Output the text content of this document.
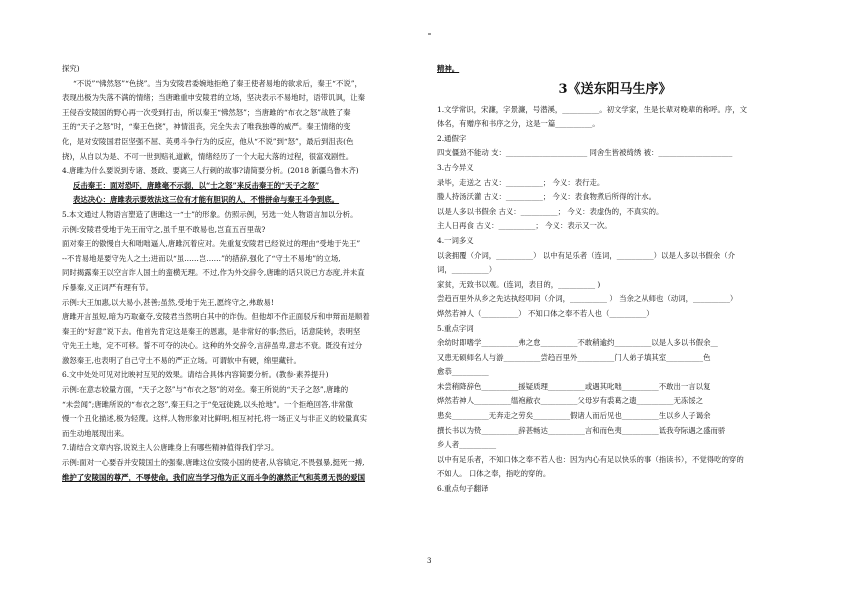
探究)

“不说”“怫然怒”“色挠”。当为安陵君委婉地拒绝了秦王使者易地的欲求后，秦王“不说”，

表现出极为失落不满的情绪；当唐雎重申安陵君的立场，坚决表示不易地时，语带讥讽，让秦

王侵吞安陵国的野心再一次受到打击，所以秦王“怫然怒”；当唐雎的“布衣之怒”战胜了秦

王的“天子之怒”时，“秦王色挠”，神情沮丧，完全失去了唯我独尊的威严。秦王情绪的变

化，是对安陵国君臣坚强不屈、英勇斗争行为的反应，他从“不说”到“怒”，最后到沮丧(色

挠)，从自以为是、不可一世到赔礼道歉，情绪经历了一个大起大落的过程，很富戏剧性。

4.唐雎为什么要说到专诸、聂政、要离三人行刺的故事?请简要分析。(2018 新疆乌鲁木齐)

反击秦王：面对恐吓，唐雎毫不示弱，以“士之怒”来反击秦王的“天子之怒”

表达决心：唐雎表示要效法这三位有才能有胆识的人，不惜拼命与秦王斗争到底。

5.本文通过人物语言塑造了唐雎这一“士”的形象。仿照示例，另选一处人物语言加以分析。

示例:安陵君受地于先王而守之,虽千里不敢易也,岂直五百里哉?

面对秦王的傲慢自大和咄咄逼人,唐雎沉着应对。先重复安陵君已经说过的理由“受地于先王”

--不肯易地是要守先人之土;进而以“虽……岂……”的措辞,强化了“守土不易地”的立场,

同时揭露秦王以空言诈人国土的蛮横无理。不过,作为外交辞令,唐雎的话只说已方态度,并未直

斥暴秦,义正词严有理有节。

示例:大王加惠,以大易小,甚善;虽然,受地于先王,愿终守之,弗敢易!

唐雎开言虽短,暗为巧取豪夺,安陵君当然明白其中的诈伪。但他却不作正面驳斥和申辩而是顺着

秦王的“好意”说下去。他首先肯定这是秦王的恩惠，是非常好的事;然后，话意陡转，表明坚

守先王土地，定不可移。誓不可夺的决心。这种的外交辞令,言辞虽卑,意志不衰。既没有过分

激怒秦王,也表明了自己守土不易的严正立场。可谓软中有硬，绵里藏针。

6.文中处处可见对比映衬互见的效果。请结合具体内容简要分析。(教参·素养提升)

示例:在意志较量方面，“天子之怒”与“布衣之怒”的对垒。秦王所说的“天子之怒”,唐雎的

“未尝闻”;唐雎所说的“布衣之怒”,秦王归之于“免冠徒跣,以头抢地”。一个拒绝回答,非常傲

慢一个丑化描述,极为轻蔑。这样,人物形象对比鲜明,相互衬托,将一场正义与非正义的较量真实

而生动地展现出来。

7.请结合文章内容,说说主人公唐雎身上有哪些精神值得我们学习。

示例:面对一心要吞并安陵国土的强秦,唐雎这位安陵小国的使者,从容镇定,不畏强暴,挺死一搏,

维护了安陵国的尊严，不辱使命。我们应当学习他为正义而斗争的凛然正气和英勇无畏的爱国

精神。

3《送东阳马生序》

1.文学常识，宋濂，字景濂，号潜溪，__________。初文学家，生是长辈对晚辈的称呼。序，文

体名，有赠序和书序之分，这是一篇__________。

2.通假字

四支僵劲不能动 支：______________________ 同舍生皆被绮绣 被：____________________

3.古今异义

录毕，走送之 古义：__________； 今义：表行走。

媵人持汤沃灌 古义：__________； 今义：表食物煮后所得的汁水。

以是人多以书假余 古义：__________； 今义：表虚伪的，不真实的。

主人日再食 古义：__________； 今义：表示又一次。

4.一词多义

以衾拥覆（介词，__________） 以中有足乐者（连词，__________）以是人多以书假余（介

词，__________）

家贫，无致书以观。(连词，表目的，__________ )

尝趋百里外从乡之先达执经叩问（介词，__________ ） 当余之从师也（动词，__________）

烨然若神人（__________） 不知口体之奉不若人也（__________）

5.重点字词

余幼时即嗜学__________弗之怠__________不敢稍逾约__________以是人多以书假余__

又患无硕师名人与游__________尝趋百里外__________门人弟子填其室__________色

愈恭__________

未尝稍降辞色__________援疑质理__________或遇其叱咄__________不敢出一言以复

烨然若神人__________缊袍敝衣__________父母岁有裘葛之遗__________无冻馁之

患矣__________无奔走之劳矣__________假诸人而后见也__________生以乡人子谒余

撰长书以为贽__________辞甚畅达__________言和而色夷__________诋我夸际遇之盛而骄

乡人者__________

以中有足乐者，不知口体之奉不若人也：因为内心有足以快乐的事（指读书），不觉得吃的穿的

不如人。 口体之奉，指吃的穿的。

6.重点句子翻译

3
